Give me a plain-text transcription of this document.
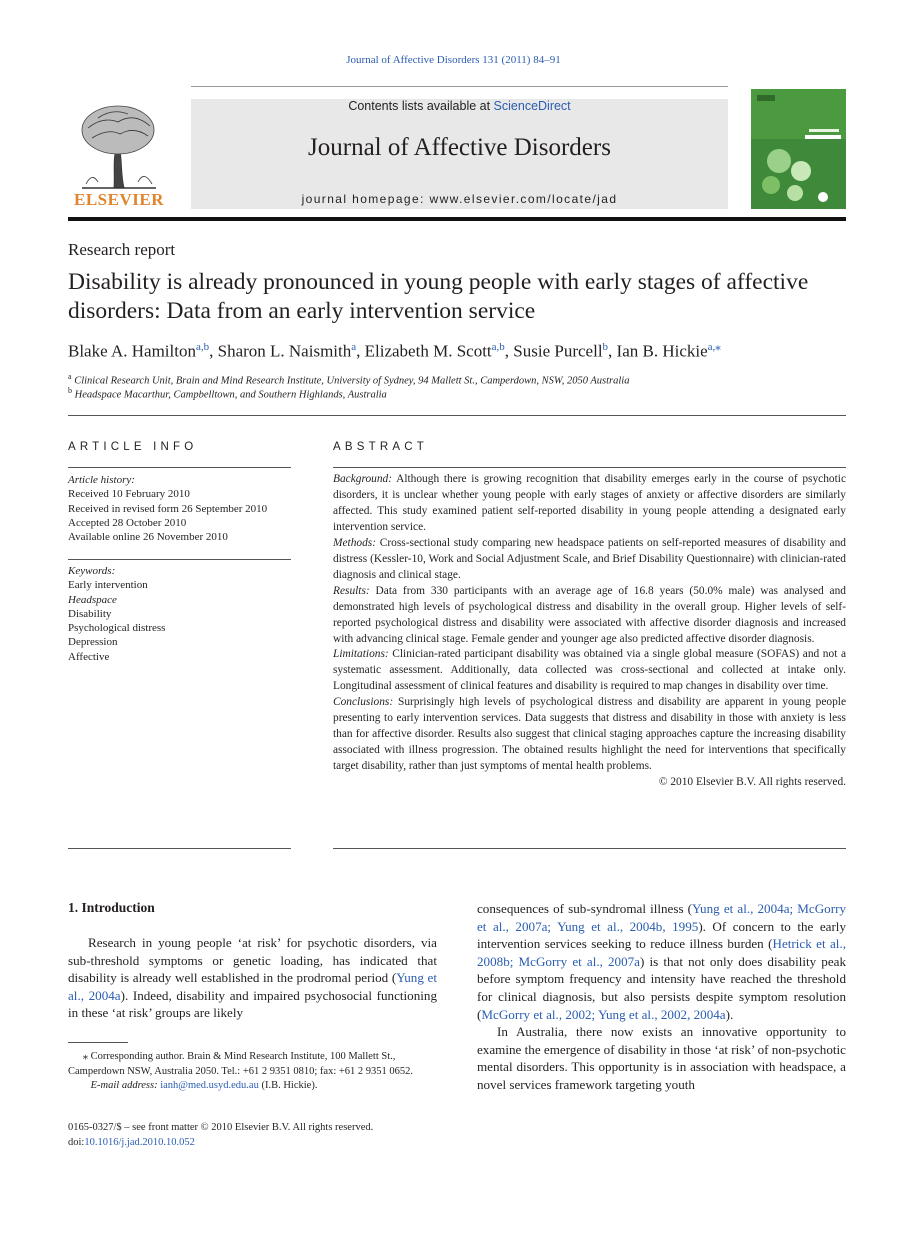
Journal of Affective Disorders 131 (2011) 84–91
Contents lists available at ScienceDirect
Journal of Affective Disorders
journal homepage: www.elsevier.com/locate/jad
ELSEVIER
Research report
Disability is already pronounced in young people with early stages of affective disorders: Data from an early intervention service
Blake A. Hamilton$^{a,b}$, Sharon L. Naismith$^a$, Elizabeth M. Scott$^{a,b}$, Susie Purcell$^b$, Ian B. Hickie$^{a,⁎}$
$^a$ Clinical Research Unit, Brain and Mind Research Institute, University of Sydney, 94 Mallett St., Camperdown, NSW, 2050 Australia
$^b$ Headspace Macarthur, Campbelltown, and Southern Highlands, Australia
ARTICLE INFO
Article history:
Received 10 February 2010
Received in revised form 26 September 2010
Accepted 28 October 2010
Available online 26 November 2010
Keywords:
Early intervention
Headspace
Disability
Psychological distress
Depression
Affective
ABSTRACT

Background: Although there is growing recognition that disability emerges early in the course of psychotic disorders, it is unclear whether young people with early stages of anxiety or affective disorders are similarly affected. This study examined patient self-reported disability in young people attending a designated early intervention service.

Methods: Cross-sectional study comparing new headspace patients on self-reported measures of disability and distress (Kessler-10, Work and Social Adjustment Scale, and Brief Disability Questionnaire) with clinician-rated diagnosis and clinical stage.

Results: Data from 330 participants with an average age of 16.8 years (50.0% male) was analysed and demonstrated high levels of psychological distress and disability in the overall group. Higher levels of self-reported psychological distress and disability were associated with affective disorder diagnosis and increased with advancing clinical stage. Female gender and younger age also predicted affective disorder diagnosis.

Limitations: Clinician-rated participant disability was obtained via a single global measure (SOFAS) and not a systematic assessment. Additionally, data collected was cross-sectional and collected at intake only. Longitudinal assessment of clinical features and disability is required to map changes in disability over time.

Conclusions: Surprisingly high levels of psychological distress and disability are apparent in young people presenting to early intervention services. Data suggests that distress and disability in those with anxiety is less than for affective disorder. Results also suggest that clinical staging approaches capture the increasing disability associated with illness progression. The obtained results highlight the need for interventions that specifically target disability, rather than just symptoms of mental health problems.

© 2010 Elsevier B.V. All rights reserved.

1. Introduction

Research in young people ‘at risk’ for psychotic disorders, via sub-threshold symptoms or genetic loading, has indicated that disability is already well established in the prodromal period (Yung et al., 2004a). Indeed, disability and impaired psychosocial functioning in these ‘at risk’ groups are likely

consequences of sub-syndromal illness (Yung et al., 2004a; McGorry et al., 2007a; Yung et al., 2004b, 1995). Of concern to the early intervention services seeking to reduce illness burden (Hetrick et al., 2008b; McGorry et al., 2007a) is that not only does disability peak before symptom frequency and intensity have reached the threshold for clinical diagnosis, but also persists despite symptom resolution (McGorry et al., 2002; Yung et al., 2002, 2004a).

In Australia, there now exists an innovative opportunity to examine the emergence of disability in those ‘at risk’ of non-psychotic mental disorders. This opportunity is in association with headspace, a novel services framework targeting youth

⁎ Corresponding author. Brain & Mind Research Institute, 100 Mallett St., Camperdown NSW, Australia 2050. Tel.: +61 2 9351 0810; fax: +61 2 9351 0652.
E-mail address: ianh@med.usyd.edu.au (I.B. Hickie).
0165-0327/$ – see front matter © 2010 Elsevier B.V. All rights reserved.
doi:10.1016/j.jad.2010.10.052
